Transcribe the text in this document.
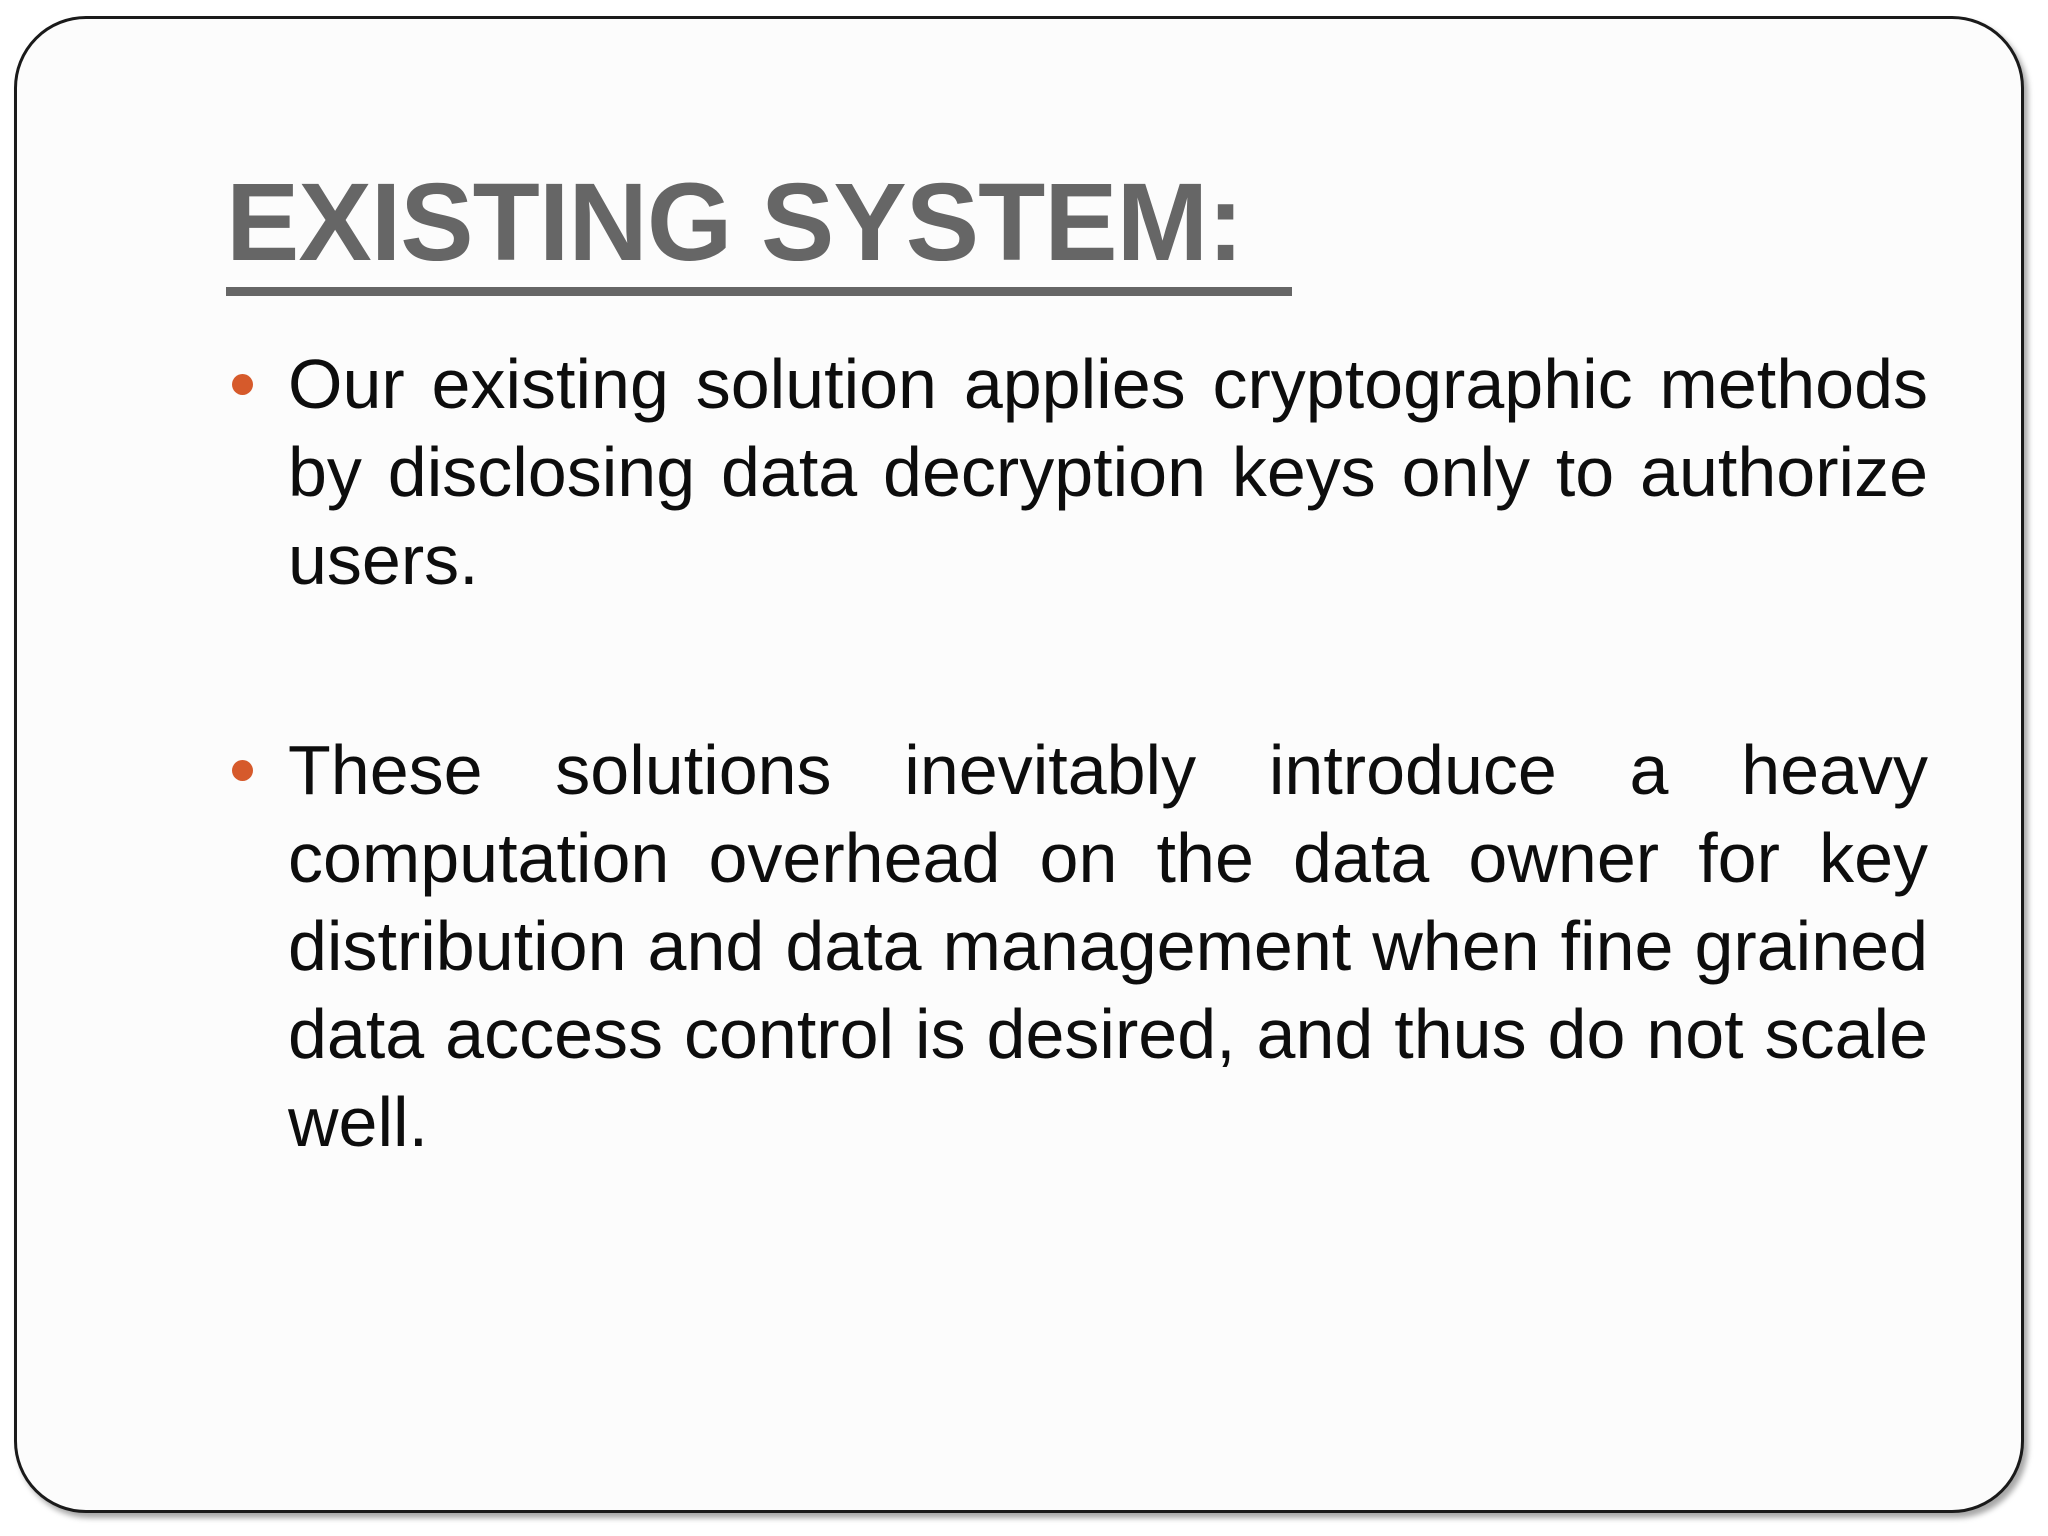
EXISTING SYSTEM:
Our existing solution applies cryptographic methods by disclosing data decryption keys only to authorize users.
These solutions inevitably introduce a heavy computation overhead on the data owner for key distribution and data management when fine grained data access control is desired, and thus do not scale well.
